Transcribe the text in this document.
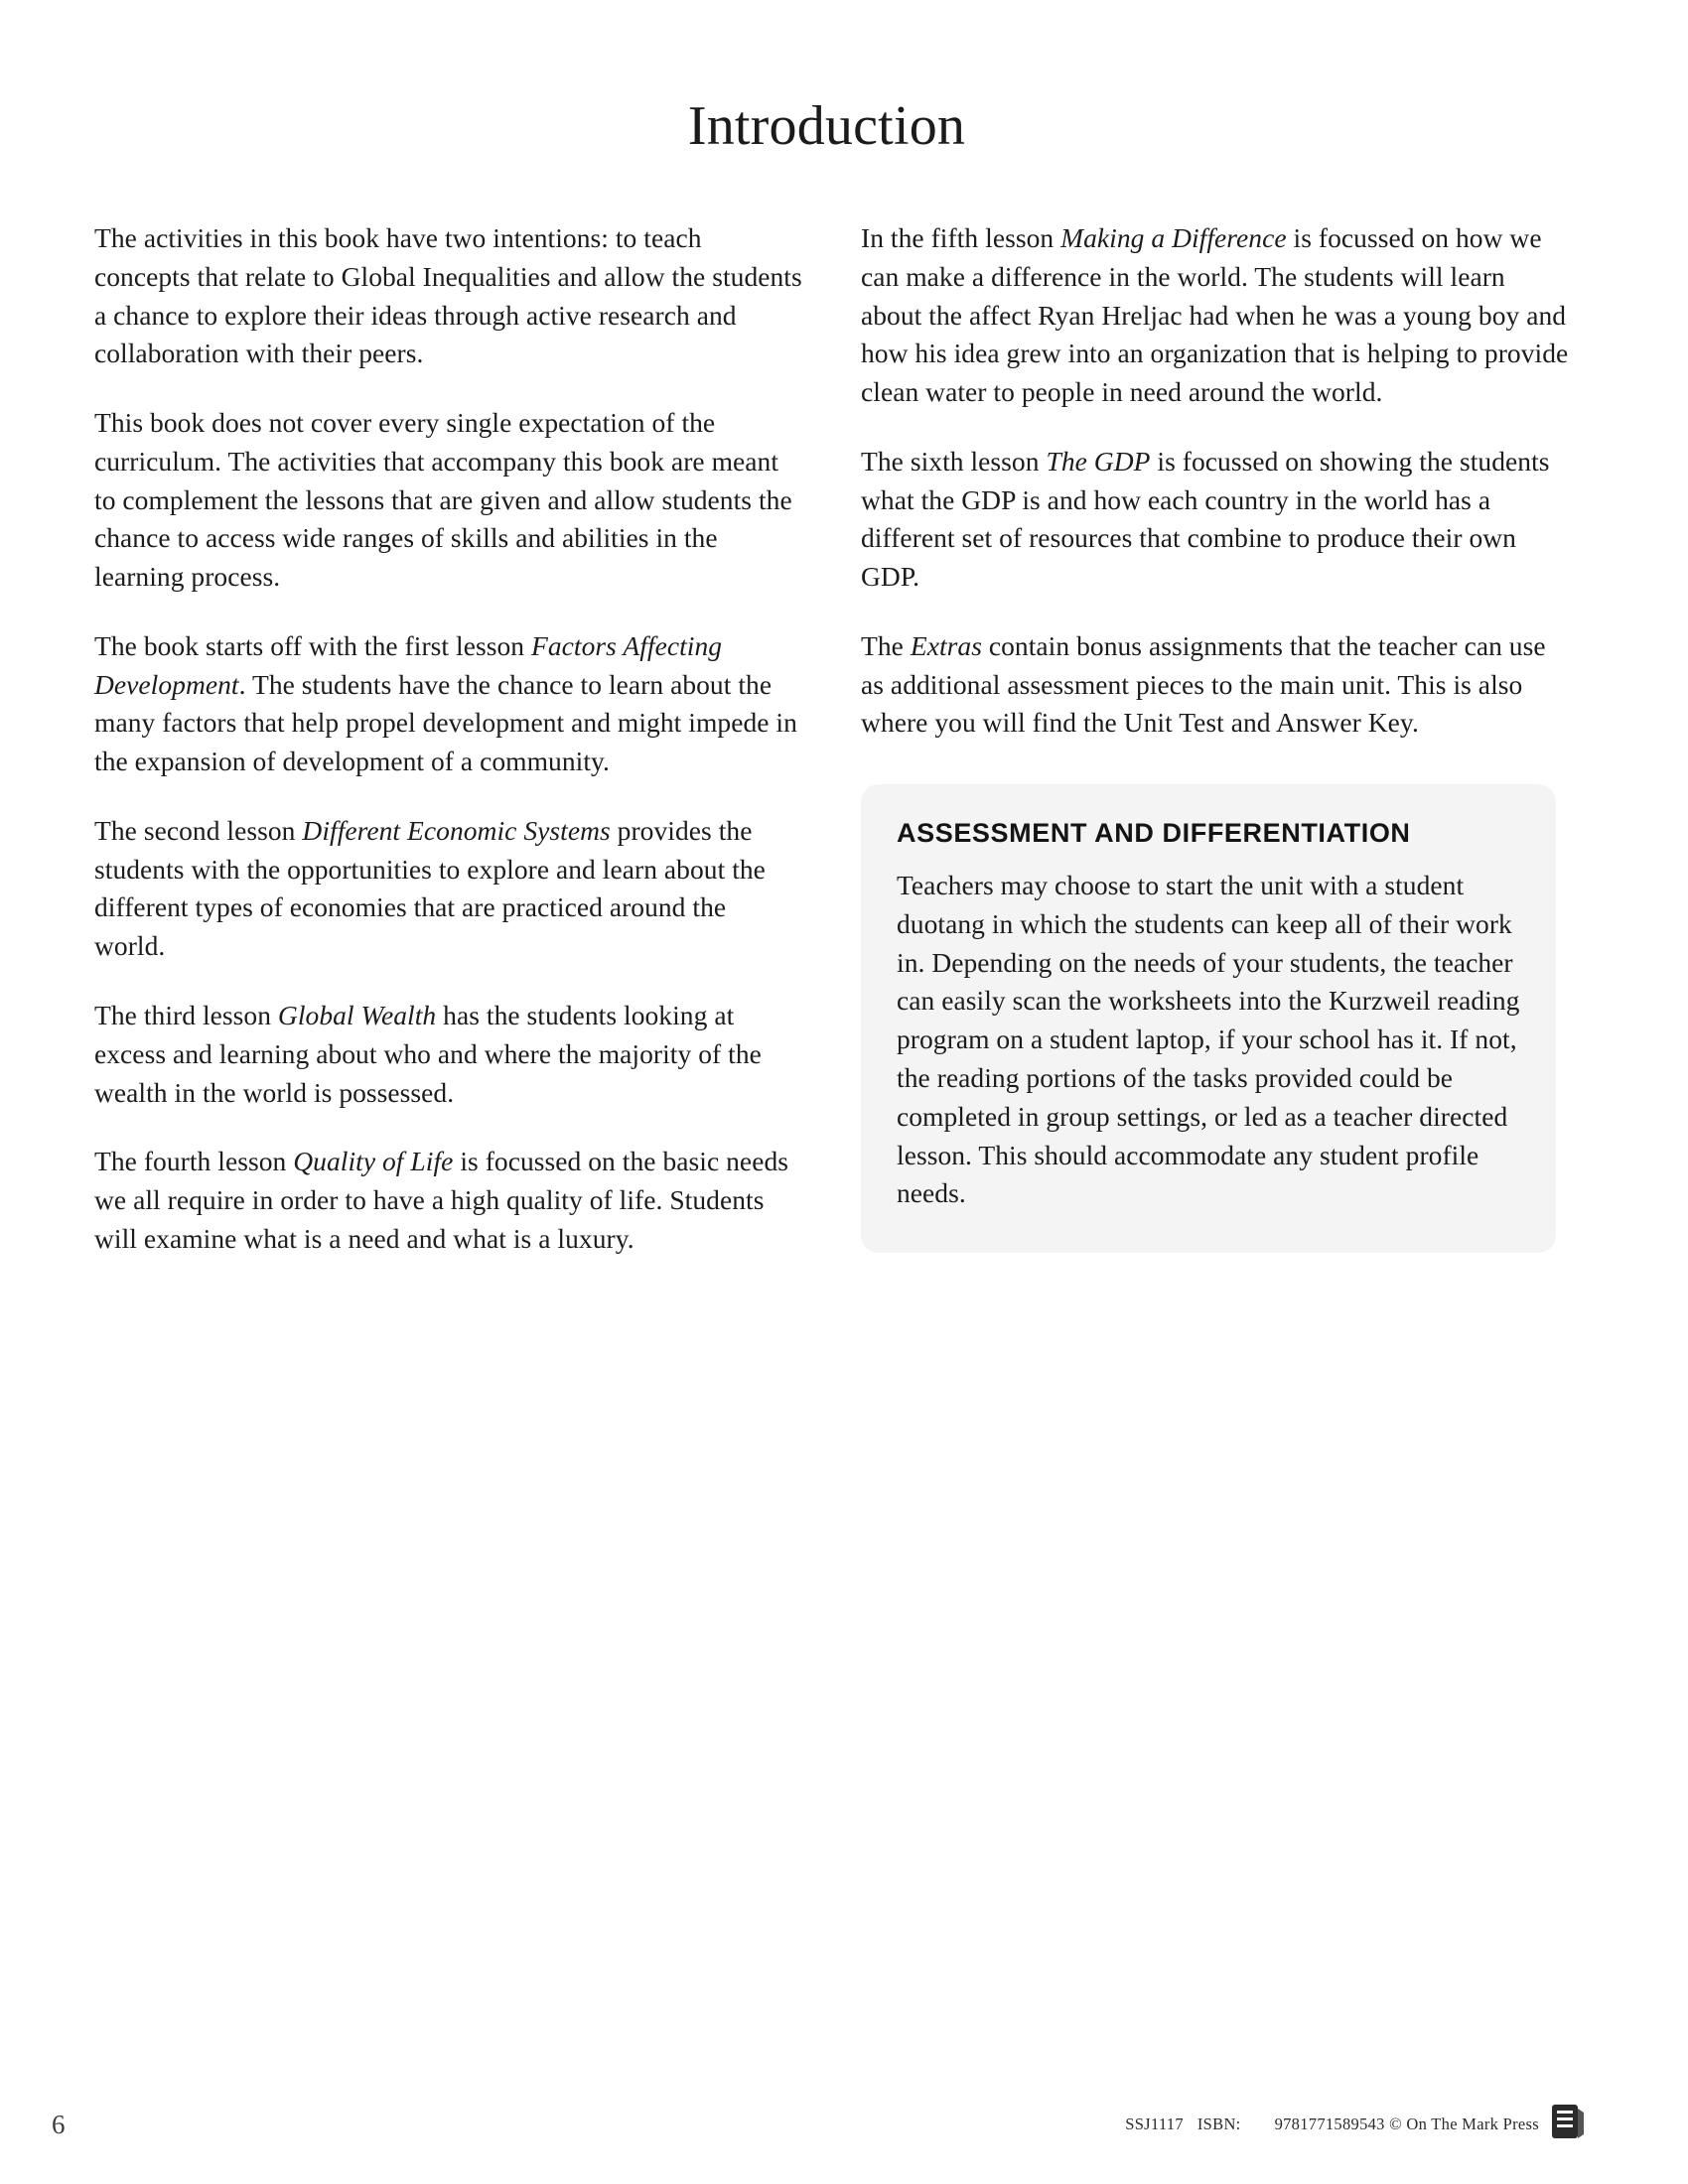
Introduction

The activities in this book have two intentions: to teach concepts that relate to Global Inequalities and allow the students a chance to explore their ideas through active research and collaboration with their peers.

This book does not cover every single expectation of the curriculum. The activities that accompany this book are meant to complement the lessons that are given and allow students the chance to access wide ranges of skills and abilities in the learning process.

The book starts off with the first lesson Factors Affecting Development. The students have the chance to learn about the many factors that help propel development and might impede in the expansion of development of a community.

The second lesson Different Economic Systems provides the students with the opportunities to explore and learn about the different types of economies that are practiced around the world.

The third lesson Global Wealth has the students looking at excess and learning about who and where the majority of the wealth in the world is possessed.

The fourth lesson Quality of Life is focussed on the basic needs we all require in order to have a high quality of life. Students will examine what is a need and what is a luxury.

In the fifth lesson Making a Difference is focussed on how we can make a difference in the world. The students will learn about the affect Ryan Hreljac had when he was a young boy and how his idea grew into an organization that is helping to provide clean water to people in need around the world.

The sixth lesson The GDP is focussed on showing the students what the GDP is and how each country in the world has a different set of resources that combine to produce their own GDP.

The Extras contain bonus assignments that the teacher can use as additional assessment pieces to the main unit. This is also where you will find the Unit Test and Answer Key.

ASSESSMENT AND DIFFERENTIATION

Teachers may choose to start the unit with a student duotang in which the students can keep all of their work in. Depending on the needs of your students, the teacher can easily scan the worksheets into the Kurzweil reading program on a student laptop, if your school has it. If not, the reading portions of the tasks provided could be completed in group settings, or led as a teacher directed lesson. This should accommodate any student profile needs.

6	SSJ1117 ISBN: 9781771589543 © On The Mark Press
